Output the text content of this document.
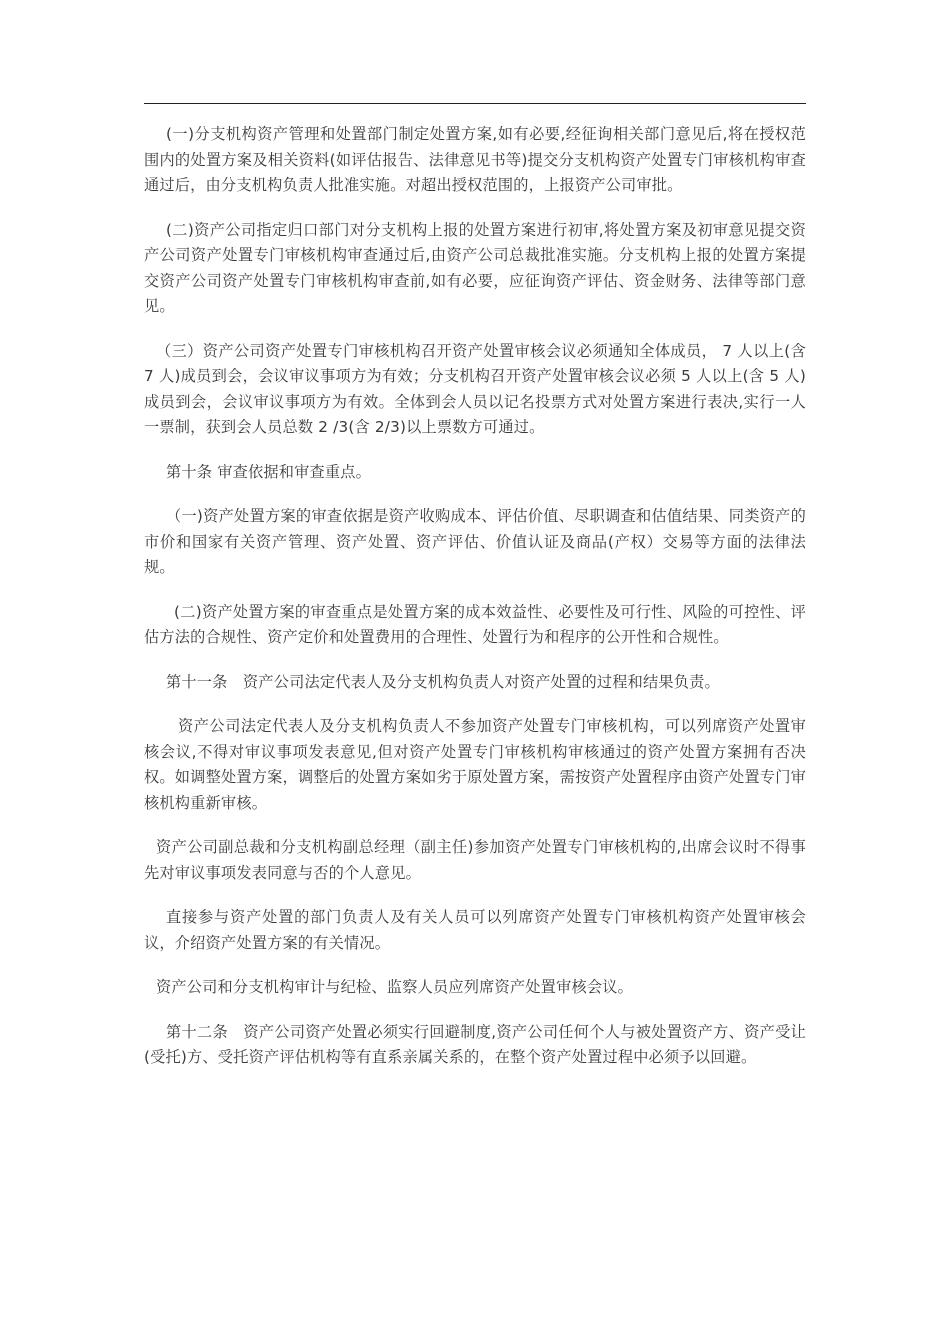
(一)分支机构资产管理和处置部门制定处置方案,如有必要,经征询相关部门意见后,将在授权范围内的处置方案及相关资料(如评估报告、法律意见书等)提交分支机构资产处置专门审核机构审查通过后，由分支机构负责人批准实施。对超出授权范围的，上报资产公司审批。

(二)资产公司指定归口部门对分支机构上报的处置方案进行初审,将处置方案及初审意见提交资产公司资产处置专门审核机构审查通过后,由资产公司总裁批准实施。分支机构上报的处置方案提交资产公司资产处置专门审核机构审查前,如有必要，应征询资产评估、资金财务、法律等部门意见。

（三）资产公司资产处置专门审核机构召开资产处置审核会议必须通知全体成员， 7 人以上(含 7 人)成员到会，会议审议事项方为有效；分支机构召开资产处置审核会议必须 5 人以上(含 5 人)成员到会，会议审议事项方为有效。全体到会人员以记名投票方式对处置方案进行表决,实行一人一票制，获到会人员总数 2 /3(含 2/3)以上票数方可通过。

第十条 审查依据和审查重点。

（一)资产处置方案的审查依据是资产收购成本、评估价值、尽职调查和估值结果、同类资产的市价和国家有关资产管理、资产处置、资产评估、价值认证及商品(产权）交易等方面的法律法规。

(二)资产处置方案的审查重点是处置方案的成本效益性、必要性及可行性、风险的可控性、评估方法的合规性、资产定价和处置费用的合理性、处置行为和程序的公开性和合规性。

第十一条　资产公司法定代表人及分支机构负责人对资产处置的过程和结果负责。

资产公司法定代表人及分支机构负责人不参加资产处置专门审核机构，可以列席资产处置审核会议,不得对审议事项发表意见,但对资产处置专门审核机构审核通过的资产处置方案拥有否决权。如调整处置方案，调整后的处置方案如劣于原处置方案，需按资产处置程序由资产处置专门审核机构重新审核。

资产公司副总裁和分支机构副总经理（副主任)参加资产处置专门审核机构的,出席会议时不得事先对审议事项发表同意与否的个人意见。

直接参与资产处置的部门负责人及有关人员可以列席资产处置专门审核机构资产处置审核会议，介绍资产处置方案的有关情况。

资产公司和分支机构审计与纪检、监察人员应列席资产处置审核会议。

第十二条　资产公司资产处置必须实行回避制度,资产公司任何个人与被处置资产方、资产受让(受托)方、受托资产评估机构等有直系亲属关系的，在整个资产处置过程中必须予以回避。
